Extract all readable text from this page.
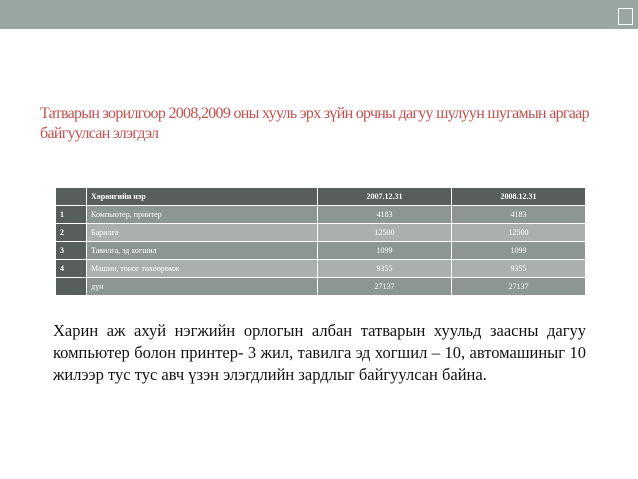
Татварын зорилгоор 2008,2009 оны хууль эрх зүйн орчны дагуу шулуун шугамын аргаар байгуулсан элэгдэл
	Хөрөнгийн нэр	2007.12.31	2008.12.31
1	Компьютер, принтер	4183	4183
2	Барилга	12500	12500
3	Тавилга, эд хогшил	1099	1099
4	Машин, тоног төхөөрөмж	9355	9355
	дүн	27137	27137
Харин аж ахуй нэгжийн орлогын албан татварын хуульд заасны дагуу компьютер болон принтер- 3 жил, тавилга эд хогшил – 10, автомашиныг 10 жилээр тус тус авч үзэн элэгдлийн зардлыг байгуулсан байна.
